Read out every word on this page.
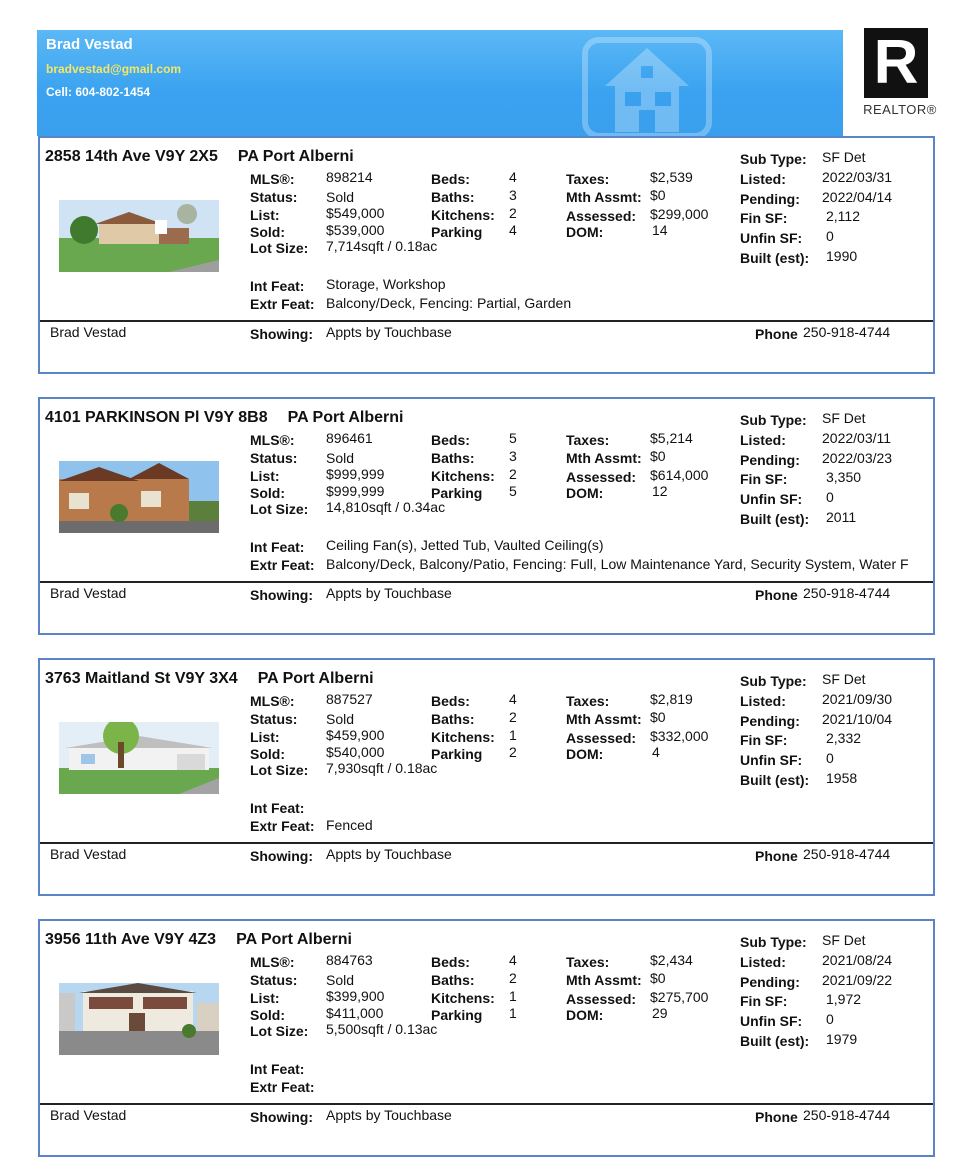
Brad Vestad
bradvestad@gmail.com
Cell: 604-802-1454	R
REALTOR®
2858 14th Ave V9Y 2X5 PA Port Alberni
MLS®: 898214
Status: Sold
List:	$549,000
Sold:	$539,000
Lot Size: 7,714sqft / 0.18ac
Beds:	4
Baths: 3
Kitchens: 2
Parking 4
Taxes:	$2,539
Mth Assmt: $0
Assessed: $299,000
DOM:	14
Sub Type: SF Det
Listed:	2022/03/31
Pending: 2022/04/14
Fin SF:	2,112
Unfin SF: 0
Built (est): 1990
Int Feat: Storage, Workshop
Extr Feat: Balcony/Deck, Fencing: Partial, Garden
Brad Vestad	Showing: Appts by Touchbase	Phone 250-918-4744
4101 PARKINSON Pl V9Y 8B8 PA Port Alberni
MLS®: 896461
Status: Sold
List:	$999,999
Sold:	$999,999
Lot Size: 14,810sqft / 0.34ac
Beds:	5
Baths: 3
Kitchens: 2
Parking 5
Taxes:	$5,214
Mth Assmt: $0
Assessed: $614,000
DOM:	12
Sub Type: SF Det
Listed:	2022/03/11
Pending: 2022/03/23
Fin SF:	3,350
Unfin SF: 0
Built (est): 2011
Int Feat: Ceiling Fan(s), Jetted Tub, Vaulted Ceiling(s)
Extr Feat: Balcony/Deck, Balcony/Patio, Fencing: Full, Low Maintenance Yard, Security System, Water F
Brad Vestad	Showing: Appts by Touchbase	Phone 250-918-4744
3763 Maitland St V9Y 3X4 PA Port Alberni
MLS®: 887527
Status: Sold
List:	$459,900
Sold:	$540,000
Lot Size: 7,930sqft / 0.18ac
Beds:	4
Baths: 2
Kitchens: 1
Parking 2
Taxes:	$2,819
Mth Assmt: $0
Assessed: $332,000
DOM:	4
Sub Type: SF Det
Listed:	2021/09/30
Pending: 2021/10/04
Fin SF:	2,332
Unfin SF: 0
Built (est): 1958
Int Feat:
Extr Feat: Fenced
Brad Vestad	Showing: Appts by Touchbase	Phone 250-918-4744
3956 11th Ave V9Y 4Z3 PA Port Alberni
MLS®: 884763
Status: Sold
List:	$399,900
Sold:	$411,000
Lot Size: 5,500sqft / 0.13ac
Beds:	4
Baths: 2
Kitchens: 1
Parking 1
Taxes:	$2,434
Mth Assmt: $0
Assessed: $275,700
DOM:	29
Sub Type: SF Det
Listed:	2021/08/24
Pending: 2021/09/22
Fin SF:	1,972
Unfin SF: 0
Built (est): 1979
Int Feat:
Extr Feat:
Brad Vestad	Showing: Appts by Touchbase	Phone 250-918-4744
